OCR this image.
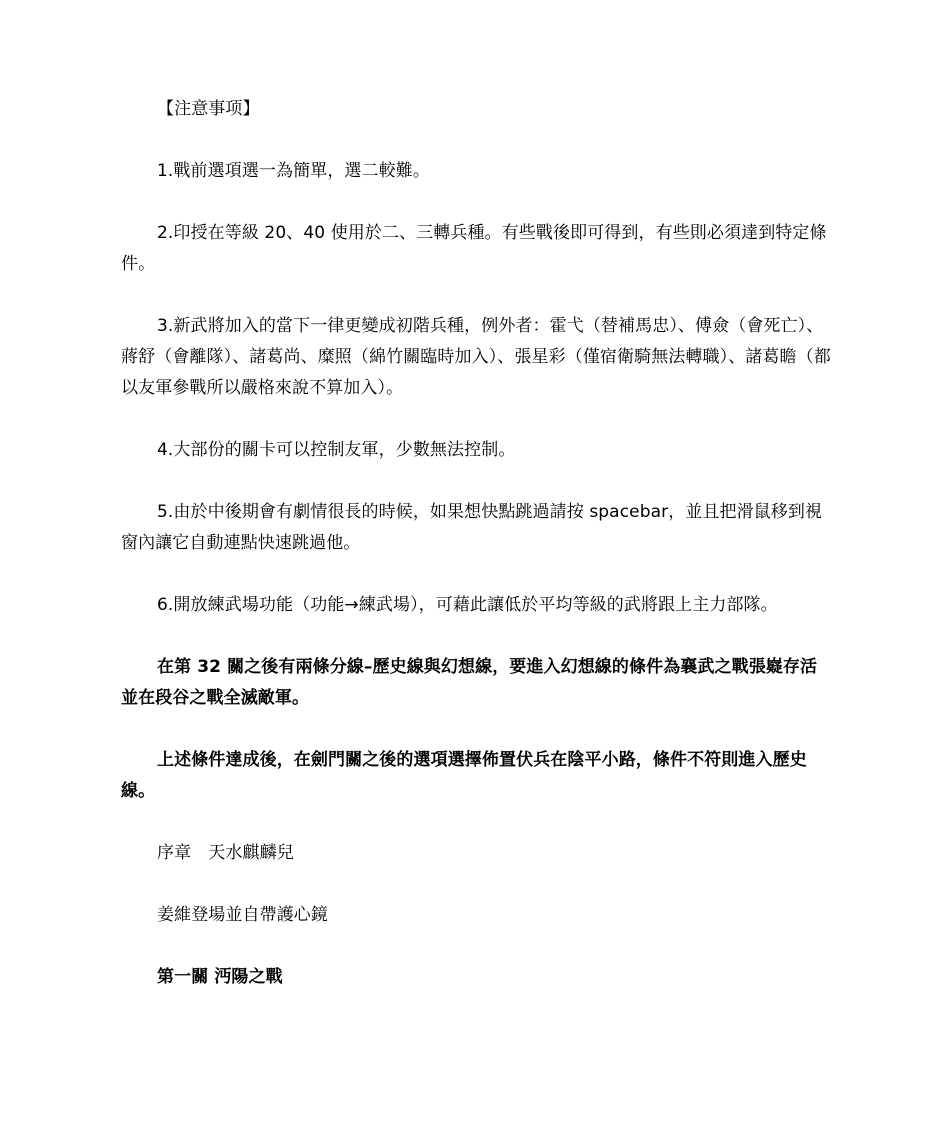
【注意事项】

1.戰前選項選一為簡單，選二較難。

2.印授在等級 20、40 使用於二、三轉兵種。有些戰後即可得到，有些則必須達到特定條件。

3.新武將加入的當下一律更變成初階兵種，例外者：霍弋（替補馬忠）、傅僉（會死亡）、蔣舒（會離隊）、諸葛尚、糜照（綿竹關臨時加入）、張星彩（僅宿衛騎無法轉職）、諸葛瞻（都以友軍參戰所以嚴格來說不算加入）。

4.大部份的關卡可以控制友軍，少數無法控制。

5.由於中後期會有劇情很長的時候，如果想快點跳過請按 spacebar，並且把滑鼠移到視窗內讓它自動連點快速跳過他。

6.開放練武場功能（功能→練武場），可藉此讓低於平均等級的武將跟上主力部隊。

在第 32 關之後有兩條分線–歷史線與幻想線，要進入幻想線的條件為襄武之戰張嶷存活並在段谷之戰全滅敵軍。

上述條件達成後，在劍門關之後的選項選擇佈置伏兵在陰平小路，條件不符則進入歷史線。

序章　天水麒麟兒

姜維登場並自帶護心鏡

第一關 沔陽之戰
